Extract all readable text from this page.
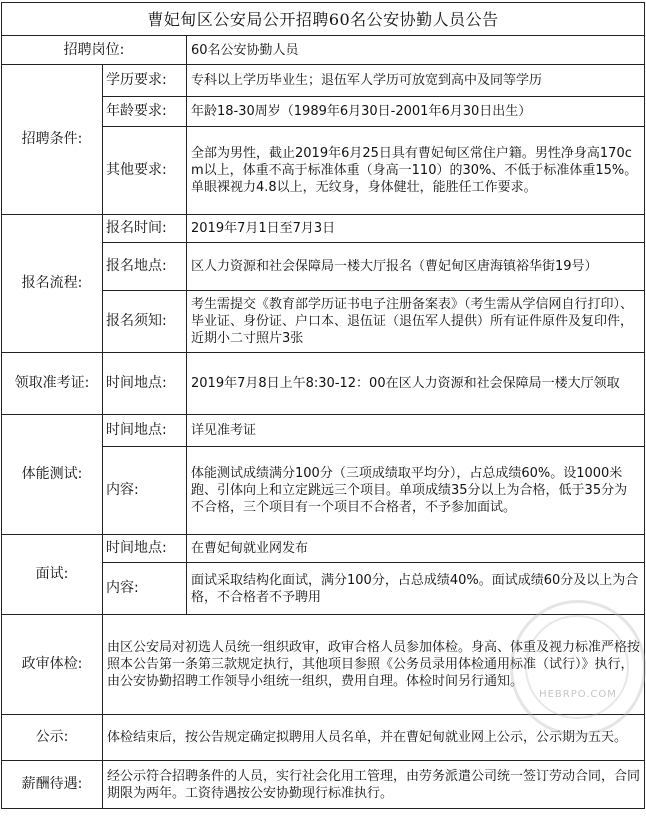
曹妃甸区公安局公开招聘60名公安协勤人员公告		
招聘岗位:		60名公安协勤人员
招聘条件:	学历要求:	专科以上学历毕业生；退伍军人学历可放宽到高中及同等学历
	年龄要求:	年龄18-30周岁（1989年6月30日-2001年6月30日出生）
	其他要求:	全部为男性，截止2019年6月25日具有曹妃甸区常住户籍。男性净身高170cm以上，体重不高于标准体重（身高一110）的30%、不低于标准体重15%。单眼裸视力4.8以上，无纹身，身体健壮，能胜任工作要求。
报名流程:	报名时间:	2019年7月1日至7月3日
	报名地点:	区人力资源和社会保障局一楼大厅报名（曹妃甸区唐海镇裕华街19号）
	报名须知:	考生需提交《教育部学历证书电子注册备案表》（考生需从学信网自行打印）、毕业证、身份证、户口本、退伍证（退伍军人提供）所有证件原件及复印件，近期小二寸照片3张
领取准考证:	时间地点:	2019年7月8日上午8:30-12：00在区人力资源和社会保障局一楼大厅领取
体能测试:	时间地点:	详见准考证
	内容:	体能测试成绩满分100分（三项成绩取平均分），占总成绩60%。设1000米跑、引体向上和立定跳远三个项目。单项成绩35分以上为合格，低于35分为不合格，三个项目有一个项目不合格者，不予参加面试。
面试:	时间地点:	在曹妃甸就业网发布
	内容:	面试采取结构化面试，满分100分，占总成绩40%。面试成绩60分及以上为合格，不合格者不予聘用
政审体检:	由区公安局对初选人员统一组织政审，政审合格人员参加体检。身高、体重及视力标准严格按照本公告第一条第三款规定执行，其他项目参照《公务员录用体检通用标准（试行）》执行，由公安协勤招聘工作领导小组统一组织，费用自理。体检时间另行通知。	
公示:	体检结束后，按公告规定确定拟聘用人员名单，并在曹妃甸就业网上公示，公示期为五天。	
薪酬待遇:	经公示符合招聘条件的人员，实行社会化用工管理，由劳务派遣公司统一签订劳动合同，合同期限为两年。工资待遇按公安协勤现行标准执行。	
HEBRPO.COM
